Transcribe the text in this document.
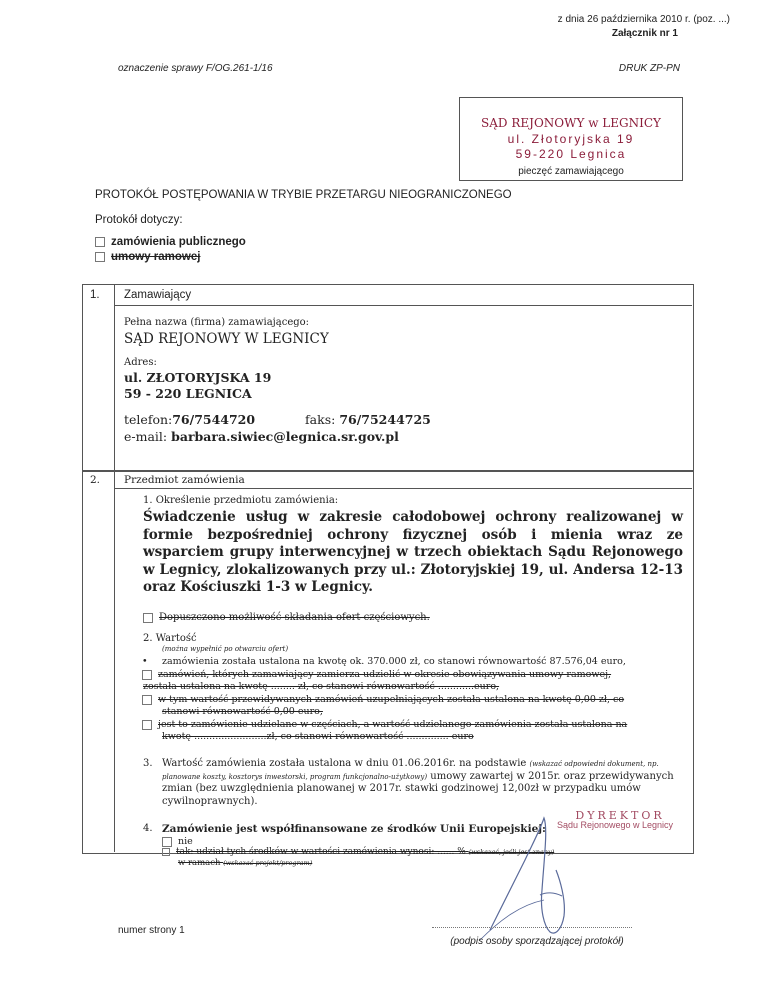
z dnia 26 października 2010 r. (poz. ...)
Załącznik nr 1
oznaczenie sprawy F/OG.261-1/16	DRUK ZP-PN
SĄD REJONOWY w LEGNICY
ul. Złotoryjska 19
59-220 Legnica
pieczęć zamawiającego
PROTOKÓŁ POSTĘPOWANIA W TRYBIE PRZETARGU NIEOGRANICZONEGO
Protokół dotyczy:
zamówienia publicznego
umowy ramowej
1. Zamawiający
Pełna nazwa (firma) zamawiającego:
SĄD REJONOWY W LEGNICY
Adres:
ul. ZŁOTORYJSKA 19
59 - 220 LEGNICA
telefon:76/7544720	faks: 76/75244725
e-mail: barbara.siwiec@legnica.sr.gov.pl
2. Przedmiot zamówienia
1. Określenie przedmiotu zamówienia:
Świadczenie usług w zakresie całodobowej ochrony realizowanej w formie bezpośredniej ochrony fizycznej osób i mienia wraz ze wsparciem grupy interwencyjnej w trzech obiektach Sądu Rejonowego w Legnicy, zlokalizowanych przy ul.: Złotoryjskiej 19, ul. Andersa 12-13 oraz Kościuszki 1-3 w Legnicy.
Dopuszczono możliwość składania ofert częściowych.
2. Wartość
(można wypełnić po otwarciu ofert)
• zamówienia została ustalona na kwotę ok. 370.000 zł, co stanowi równowartość 87.576,04 euro,
zamówień, których zamawiający zamierza udzielić w okresie obowiązywania umowy ramowej,
została ustalona na kwotę ........ zł, co stanowi równowartość ............euro,
w tym wartość przewidywanych zamówień uzupełniających została ustalona na kwotę 0,00 zł, co
stanowi równowartość 0,00 euro,
jest to zamówienie udzielane w częściach, a wartość udzielanego zamówienia została ustalona na
kwotę ........................zł, co stanowi równowartość .............. euro
3. Wartość zamówienia została ustalona w dniu 01.06.2016r. na podstawie (wskazać odpowiedni dokument, np. planowane koszty, kosztorys inwestorski, program funkcjonalno-użytkowy) umowy zawartej w 2015r. oraz przewidywanych zmian (bez uwzględnienia planowanej w 2017r. stawki godzinowej 12,00zł w przypadku umów cywilnoprawnych).
4. Zamówienie jest współfinansowane ze środków Unii Europejskiej:
nie
tak: udział tych środków w wartości zamówienia wynosi: ...... % (wskazać, jeśli jest znany)
w ramach (wskazać projekt/program)
DYREKTOR
Sądu Rejonowego w Legnicy
numer strony 1
(podpis osoby sporządzającej protokół)
